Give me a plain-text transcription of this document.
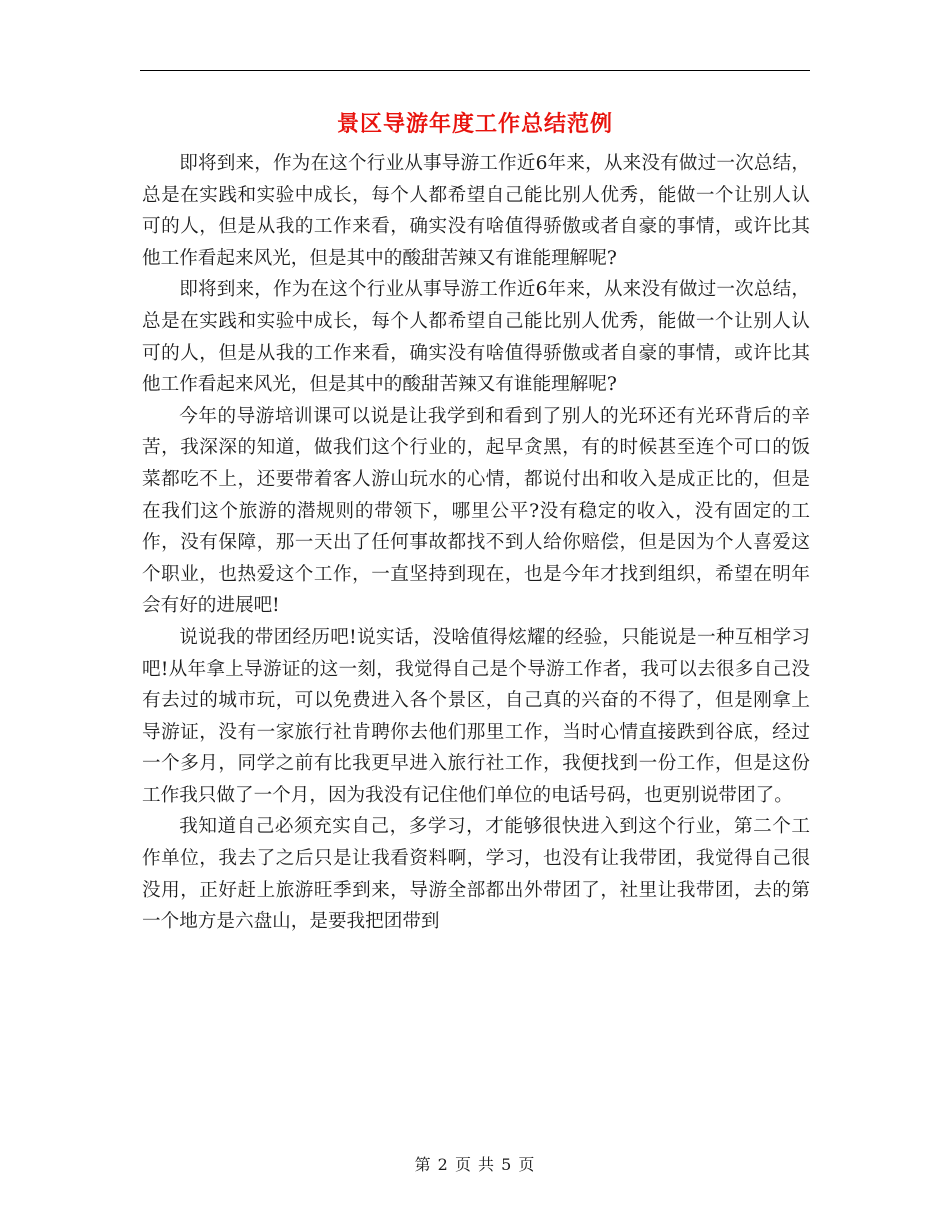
景区导游年度工作总结范例

即将到来，作为在这个行业从事导游工作近6年来，从来没有做过一次总结，总是在实践和实验中成长，每个人都希望自己能比别人优秀，能做一个让别人认可的人，但是从我的工作来看，确实没有啥值得骄傲或者自豪的事情，或许比其他工作看起来风光，但是其中的酸甜苦辣又有谁能理解呢?

即将到来，作为在这个行业从事导游工作近6年来，从来没有做过一次总结，总是在实践和实验中成长，每个人都希望自己能比别人优秀，能做一个让别人认可的人，但是从我的工作来看，确实没有啥值得骄傲或者自豪的事情，或许比其他工作看起来风光，但是其中的酸甜苦辣又有谁能理解呢?

今年的导游培训课可以说是让我学到和看到了别人的光环还有光环背后的辛苦，我深深的知道，做我们这个行业的，起早贪黑，有的时候甚至连个可口的饭菜都吃不上，还要带着客人游山玩水的心情，都说付出和收入是成正比的，但是在我们这个旅游的潜规则的带领下，哪里公平?没有稳定的收入，没有固定的工作，没有保障，那一天出了任何事故都找不到人给你赔偿，但是因为个人喜爱这个职业，也热爱这个工作，一直坚持到现在，也是今年才找到组织，希望在明年会有好的进展吧!

说说我的带团经历吧!说实话，没啥值得炫耀的经验，只能说是一种互相学习吧!从年拿上导游证的这一刻，我觉得自己是个导游工作者，我可以去很多自己没有去过的城市玩，可以免费进入各个景区，自己真的兴奋的不得了，但是刚拿上导游证，没有一家旅行社肯聘你去他们那里工作，当时心情直接跌到谷底，经过一个多月，同学之前有比我更早进入旅行社工作，我便找到一份工作，但是这份工作我只做了一个月，因为我没有记住他们单位的电话号码，也更别说带团了。

我知道自己必须充实自己，多学习，才能够很快进入到这个行业，第二个工作单位，我去了之后只是让我看资料啊，学习，也没有让我带团，我觉得自己很没用，正好赶上旅游旺季到来，导游全部都出外带团了，社里让我带团，去的第一个地方是六盘山，是要我把团带到

第 2 页 共 5 页
